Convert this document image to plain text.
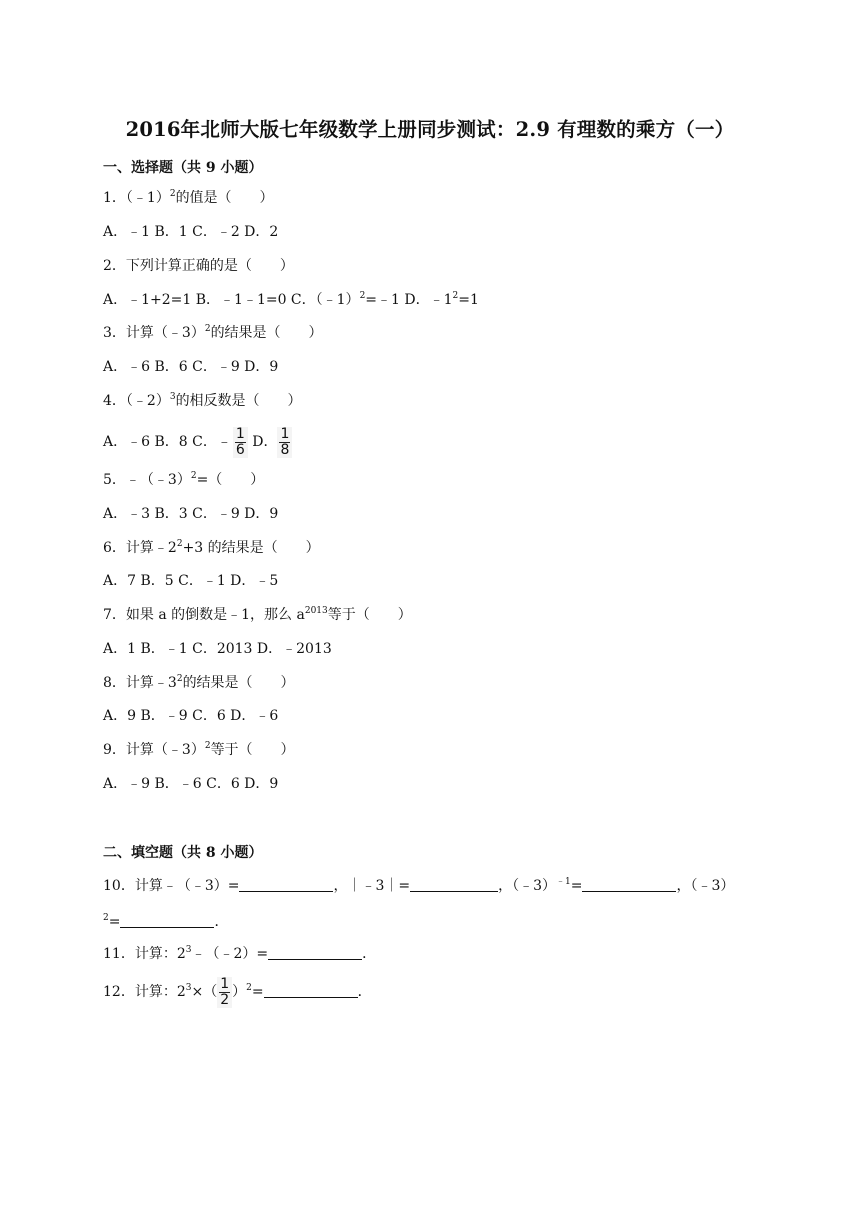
2016年北师大版七年级数学上册同步测试：2.9 有理数的乘方（一）
一、选择题（共 9 小题）
1．（﹣1）$^2$的值是（　　）
A．﹣1 B．1 C．﹣2 D．2
2．下列计算正确的是（　　）
A．﹣1+2=1 B．﹣1﹣1=0 C．（﹣1）$^2$=﹣1 D．$﹣1^2=1$
3．计算（﹣3）$^2$的结果是（　　）
A．﹣6 B．6 C．﹣9 D．9
4．（﹣2）$^3$的相反数是（　　）
A．﹣6 B．8 C．﹣ $\frac{1}{6}$ D． $\frac{1}{8}$
5．﹣（﹣3）$^2$=（　　）
A．﹣3 B．3 C．﹣9 D．9
6．计算$﹣2^2+3$ 的结果是（　　）
A．7 B．5 C．﹣1 D．﹣5
7．如果 a 的倒数是﹣1，那么 $a^{2013}$等于（　　）
A．1 B．﹣1 C．2013 D．﹣2013
8．计算$﹣3^2$的结果是（　　）
A．9 B．﹣9 C．6 D．﹣6
9．计算（﹣3）$^2$等于（　　）
A．﹣9 B．﹣6 C．6 D．9
二、填空题（共 8 小题）
10．计算﹣（﹣3）=	，｜﹣3｜=	，（﹣3）$^{﹣1}$=	，（﹣3）
$^2$=	．
11．计算：$2^3﹣(﹣2)=$	．
12．计算：$2^3\times( \frac{1}{2} )^2=$	．
